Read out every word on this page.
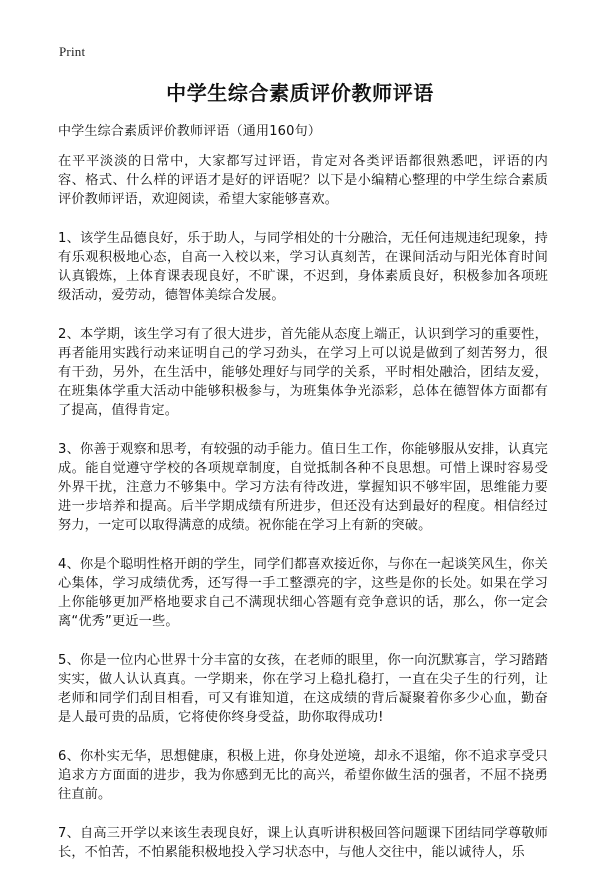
Print
中学生综合素质评价教师评语
中学生综合素质评价教师评语（通用160句）

在平平淡淡的日常中，大家都写过评语，肯定对各类评语都很熟悉吧，评语的内容、格式、什么样的评语才是好的评语呢？以下是小编精心整理的中学生综合素质评价教师评语，欢迎阅读，希望大家能够喜欢。

1、该学生品德良好，乐于助人，与同学相处的十分融洽，无任何违规违纪现象，持有乐观积极地心态，自高一入校以来，学习认真刻苦，在课间活动与阳光体育时间认真锻炼，上体育课表现良好，不旷课，不迟到，身体素质良好，积极参加各项班级活动，爱劳动，德智体美综合发展。

2、本学期，该生学习有了很大进步，首先能从态度上端正，认识到学习的重要性，再者能用实践行动来证明自己的学习劲头，在学习上可以说是做到了刻苦努力，很有干劲，另外，在生活中，能够处理好与同学的关系，平时相处融洽，团结友爱，在班集体学重大活动中能够积极参与，为班集体争光添彩，总体在德智体方面都有了提高，值得肯定。

3、你善于观察和思考，有较强的动手能力。值日生工作，你能够服从安排，认真完成。能自觉遵守学校的各项规章制度，自觉抵制各种不良思想。可惜上课时容易受外界干扰，注意力不够集中。学习方法有待改进，掌握知识不够牢固，思维能力要进一步培养和提高。后半学期成绩有所进步，但还没有达到最好的程度。相信经过努力，一定可以取得满意的成绩。祝你能在学习上有新的突破。

4、你是个聪明性格开朗的学生，同学们都喜欢接近你，与你在一起谈笑风生，你关心集体，学习成绩优秀，还写得一手工整漂亮的字，这些是你的长处。如果在学习上你能够更加严格地要求自己不满现状细心答题有竞争意识的话，那么，你一定会离“优秀”更近一些。

5、你是一位内心世界十分丰富的女孩，在老师的眼里，你一向沉默寡言，学习踏踏实实，做人认认真真。一学期来，你在学习上稳扎稳打，一直在尖子生的行列，让老师和同学们刮目相看，可又有谁知道，在这成绩的背后凝聚着你多少心血，勤奋是人最可贵的品质，它将使你终身受益，助你取得成功!

6、你朴实无华，思想健康，积极上进，你身处逆境，却永不退缩，你不追求享受只追求方方面面的进步，我为你感到无比的高兴，希望你做生活的强者，不屈不挠勇往直前。

7、自高三开学以来该生表现良好，课上认真听讲积极回答问题课下团结同学尊敬师长，不怕苦，不怕累能积极地投入学习状态中，与他人交往中，能以诚待人，乐
